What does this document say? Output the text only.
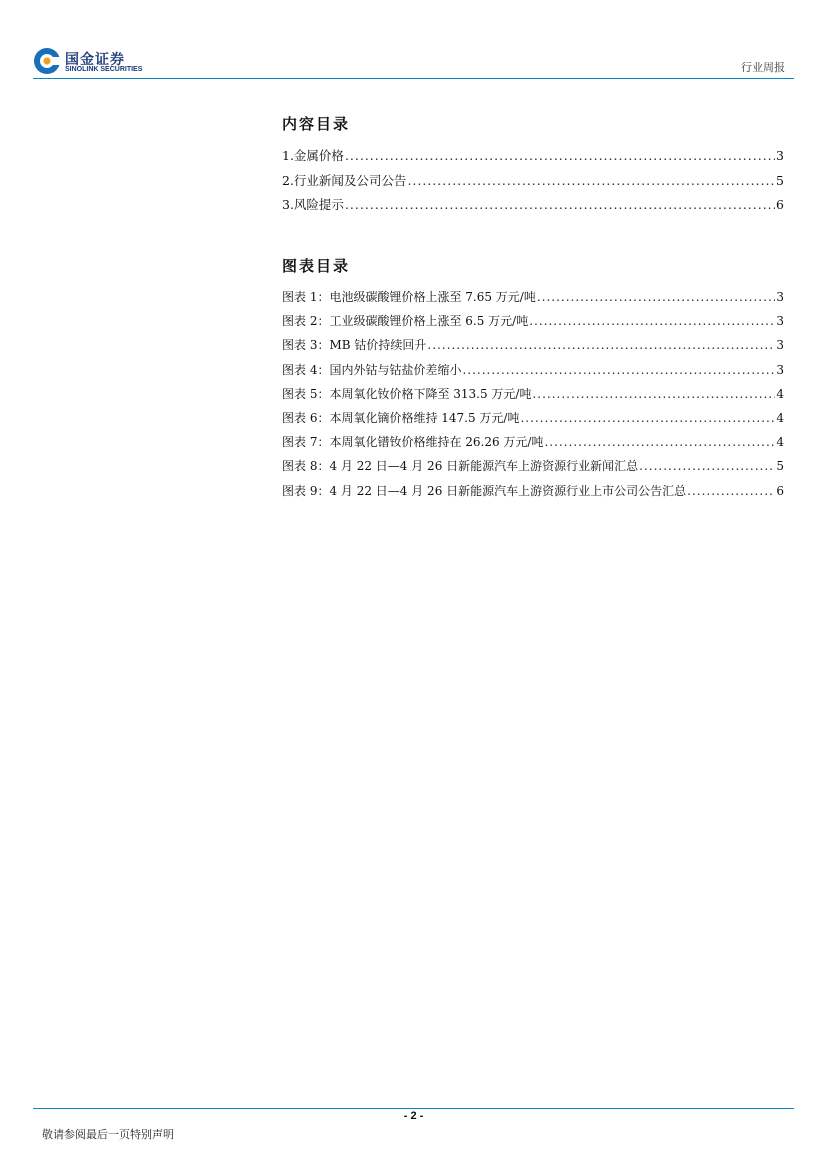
国金证券
SINOLINK SECURITIES	行业周报
内容目录
1.金属价格 .....	3
2.行业新闻及公司公告 .....	5
3.风险提示 .....	6
图表目录
图表 1：电池级碳酸锂价格上涨至 7.65 万元/吨 .....	3
图表 2：工业级碳酸锂价格上涨至 6.5 万元/吨 .....	3
图表 3：MB 钴价持续回升 .....	3
图表 4：国内外钴与钴盐价差缩小 .....	3
图表 5：本周氧化钕价格下降至 313.5 万元/吨 .....	4
图表 6：本周氧化镝价格维持 147.5 万元/吨 .....	4
图表 7：本周氧化镨钕价格维持在 26.26 万元/吨 .....	4
图表 8：4 月 22 日—4 月 26 日新能源汽车上游资源行业新闻汇总 .....	5
图表 9：4 月 22 日—4 月 26 日新能源汽车上游资源行业上市公司公告汇总 .....	6
- 2 -
敬请参阅最后一页特别声明
